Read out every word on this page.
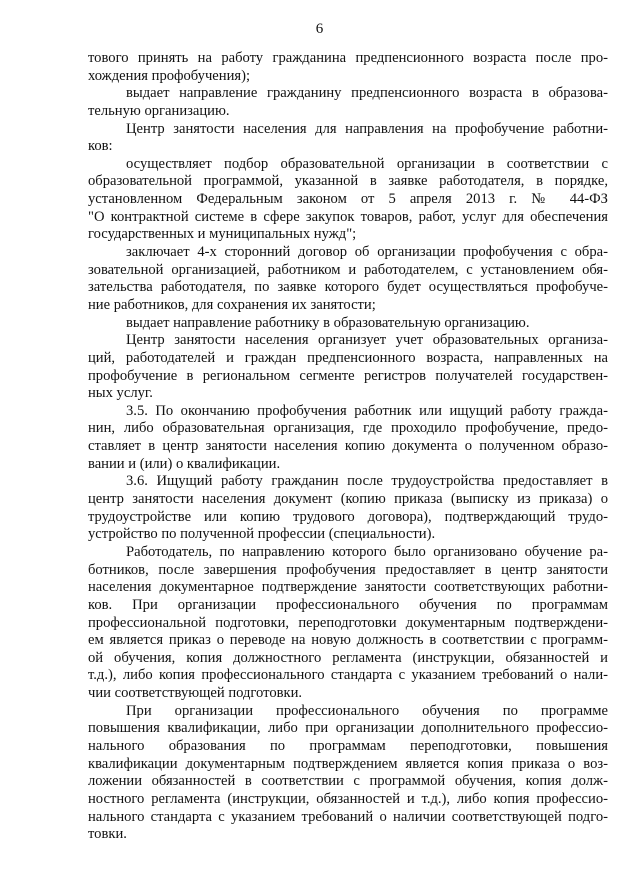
6
тового принять на работу гражданина предпенсионного возраста после про-
хождения профобучения);
выдает направление гражданину предпенсионного возраста в образова-
тельную организацию.
Центр занятости населения для направления на профобучение работни-
ков:
осуществляет подбор образовательной организации в соответствии с
образовательной программой, указанной в заявке работодателя, в порядке,
установленном Федеральным законом от 5 апреля 2013 г. № 44-ФЗ
"О контрактной системе в сфере закупок товаров, работ, услуг для обеспечения
государственных и муниципальных нужд";
заключает 4-х сторонний договор об организации профобучения с обра-
зовательной организацией, работником и работодателем, с установлением обя-
зательства работодателя, по заявке которого будет осуществляться профобуче-
ние работников, для сохранения их занятости;
выдает направление работнику в образовательную организацию.
Центр занятости населения организует учет образовательных организа-
ций, работодателей и граждан предпенсионного возраста, направленных на
профобучение в региональном сегменте регистров получателей государствен-
ных услуг.
3.5. По окончанию профобучения работник или ищущий работу гражда-
нин, либо образовательная организация, где проходило профобучение, предо-
ставляет в центр занятости населения копию документа о полученном образо-
вании и (или) о квалификации.
3.6. Ищущий работу гражданин после трудоустройства предоставляет в
центр занятости населения документ (копию приказа (выписку из приказа) о
трудоустройстве или копию трудового договора), подтверждающий трудо-
устройство по полученной профессии (специальности).
Работодатель, по направлению которого было организовано обучение ра-
ботников, после завершения профобучения предоставляет в центр занятости
населения документарное подтверждение занятости соответствующих работни-
ков. При организации профессионального обучения по программам
профессиональной подготовки, переподготовки документарным подтверждени-
ем является приказ о переводе на новую должность в соответствии с программ-
ой обучения, копия должностного регламента (инструкции, обязанностей и
т.д.), либо копия профессионального стандарта с указанием требований о нали-
чии соответствующей подготовки.
При организации профессионального обучения по программе
повышения квалификации, либо при организации дополнительного профессио-
нального образования по программам переподготовки, повышения
квалификации документарным подтверждением является копия приказа о воз-
ложении обязанностей в соответствии с программой обучения, копия долж-
ностного регламента (инструкции, обязанностей и т.д.), либо копия профессио-
нального стандарта с указанием требований о наличии соответствующей подго-
товки.
